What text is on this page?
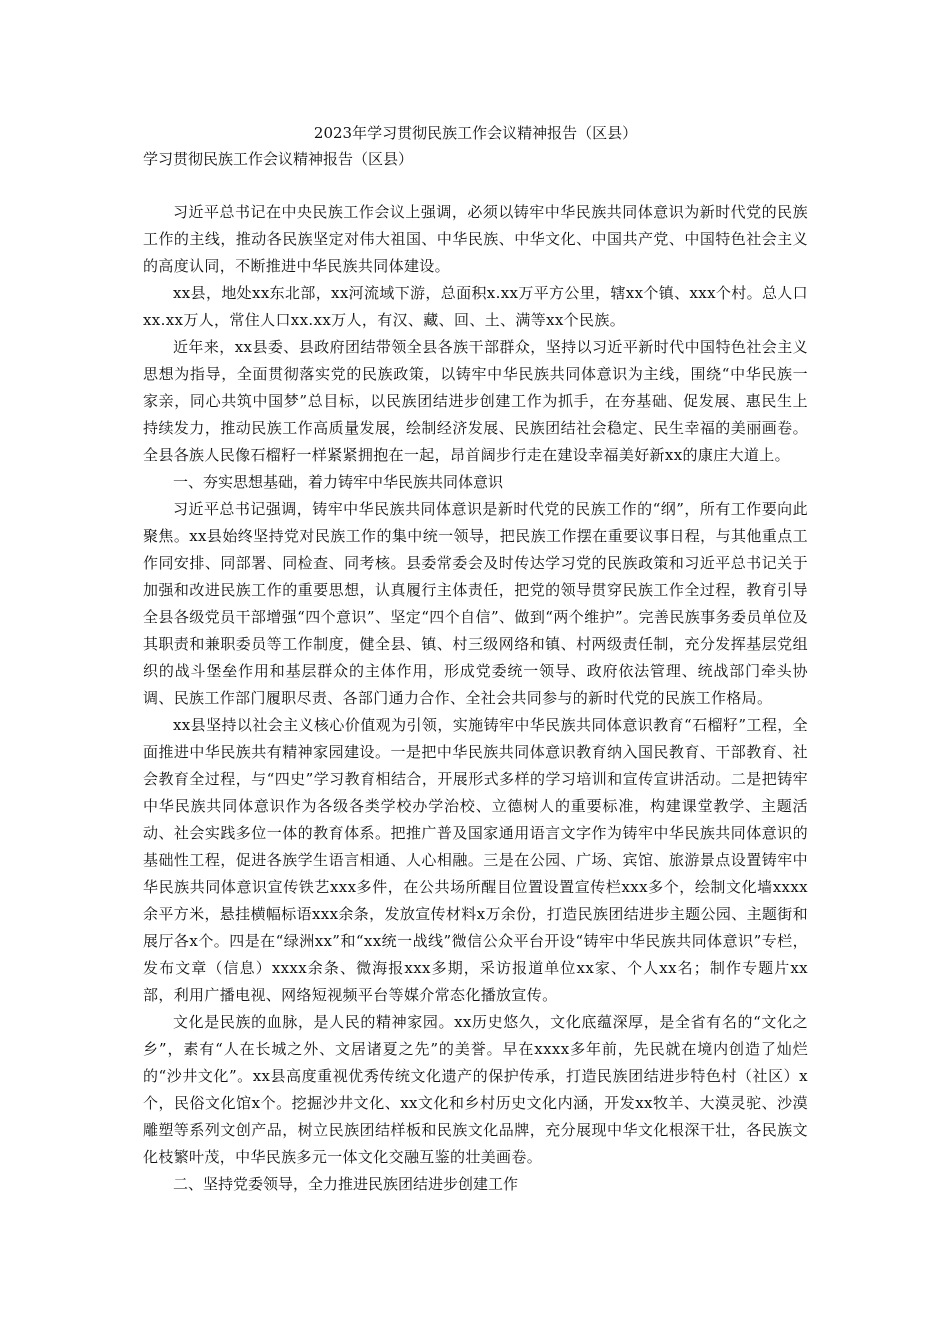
2023年学习贯彻民族工作会议精神报告（区县）

学习贯彻民族工作会议精神报告（区县）

习近平总书记在中央民族工作会议上强调，必须以铸牢中华民族共同体意识为新时代党的民族工作的主线，推动各民族坚定对伟大祖国、中华民族、中华文化、中国共产党、中国特色社会主义的高度认同，不断推进中华民族共同体建设。

xx县，地处xx东北部，xx河流域下游，总面积x.xx万平方公里，辖xx个镇、xxx个村。总人口xx.xx万人，常住人口xx.xx万人，有汉、藏、回、土、满等xx个民族。

近年来，xx县委、县政府团结带领全县各族干部群众，坚持以习近平新时代中国特色社会主义思想为指导，全面贯彻落实党的民族政策，以铸牢中华民族共同体意识为主线，围绕“中华民族一家亲，同心共筑中国梦”总目标，以民族团结进步创建工作为抓手，在夯基础、促发展、惠民生上持续发力，推动民族工作高质量发展，绘制经济发展、民族团结社会稳定、民生幸福的美丽画卷。全县各族人民像石榴籽一样紧紧拥抱在一起，昂首阔步行走在建设幸福美好新xx的康庄大道上。

一、夯实思想基础，着力铸牢中华民族共同体意识

习近平总书记强调，铸牢中华民族共同体意识是新时代党的民族工作的“纲”，所有工作要向此聚焦。xx县始终坚持党对民族工作的集中统一领导，把民族工作摆在重要议事日程，与其他重点工作同安排、同部署、同检查、同考核。县委常委会及时传达学习党的民族政策和习近平总书记关于加强和改进民族工作的重要思想，认真履行主体责任，把党的领导贯穿民族工作全过程，教育引导全县各级党员干部增强“四个意识”、坚定“四个自信”、做到“两个维护”。完善民族事务委员单位及其职责和兼职委员等工作制度，健全县、镇、村三级网络和镇、村两级责任制，充分发挥基层党组织的战斗堡垒作用和基层群众的主体作用，形成党委统一领导、政府依法管理、统战部门牵头协调、民族工作部门履职尽责、各部门通力合作、全社会共同参与的新时代党的民族工作格局。

xx县坚持以社会主义核心价值观为引领，实施铸牢中华民族共同体意识教育“石榴籽”工程，全面推进中华民族共有精神家园建设。一是把中华民族共同体意识教育纳入国民教育、干部教育、社会教育全过程，与“四史”学习教育相结合，开展形式多样的学习培训和宣传宣讲活动。二是把铸牢中华民族共同体意识作为各级各类学校办学治校、立德树人的重要标准，构建课堂教学、主题活动、社会实践多位一体的教育体系。把推广普及国家通用语言文字作为铸牢中华民族共同体意识的基础性工程，促进各族学生语言相通、人心相融。三是在公园、广场、宾馆、旅游景点设置铸牢中华民族共同体意识宣传铁艺xxx多件，在公共场所醒目位置设置宣传栏xxx多个，绘制文化墙xxxx余平方米，悬挂横幅标语xxx余条，发放宣传材料x万余份，打造民族团结进步主题公园、主题街和展厅各x个。四是在“绿洲xx”和“xx统一战线”微信公众平台开设“铸牢中华民族共同体意识”专栏，发布文章（信息）xxxx余条、微海报xxx多期，采访报道单位xx家、个人xx名；制作专题片xx部，利用广播电视、网络短视频平台等媒介常态化播放宣传。

文化是民族的血脉，是人民的精神家园。xx历史悠久，文化底蕴深厚，是全省有名的“文化之乡”，素有“人在长城之外、文居诸夏之先”的美誉。早在xxxx多年前，先民就在境内创造了灿烂的“沙井文化”。xx县高度重视优秀传统文化遗产的保护传承，打造民族团结进步特色村（社区）x个，民俗文化馆x个。挖掘沙井文化、xx文化和乡村历史文化内涵，开发xx牧羊、大漠灵驼、沙漠雕塑等系列文创产品，树立民族团结样板和民族文化品牌，充分展现中华文化根深干壮，各民族文化枝繁叶茂，中华民族多元一体文化交融互鉴的壮美画卷。

二、坚持党委领导，全力推进民族团结进步创建工作
